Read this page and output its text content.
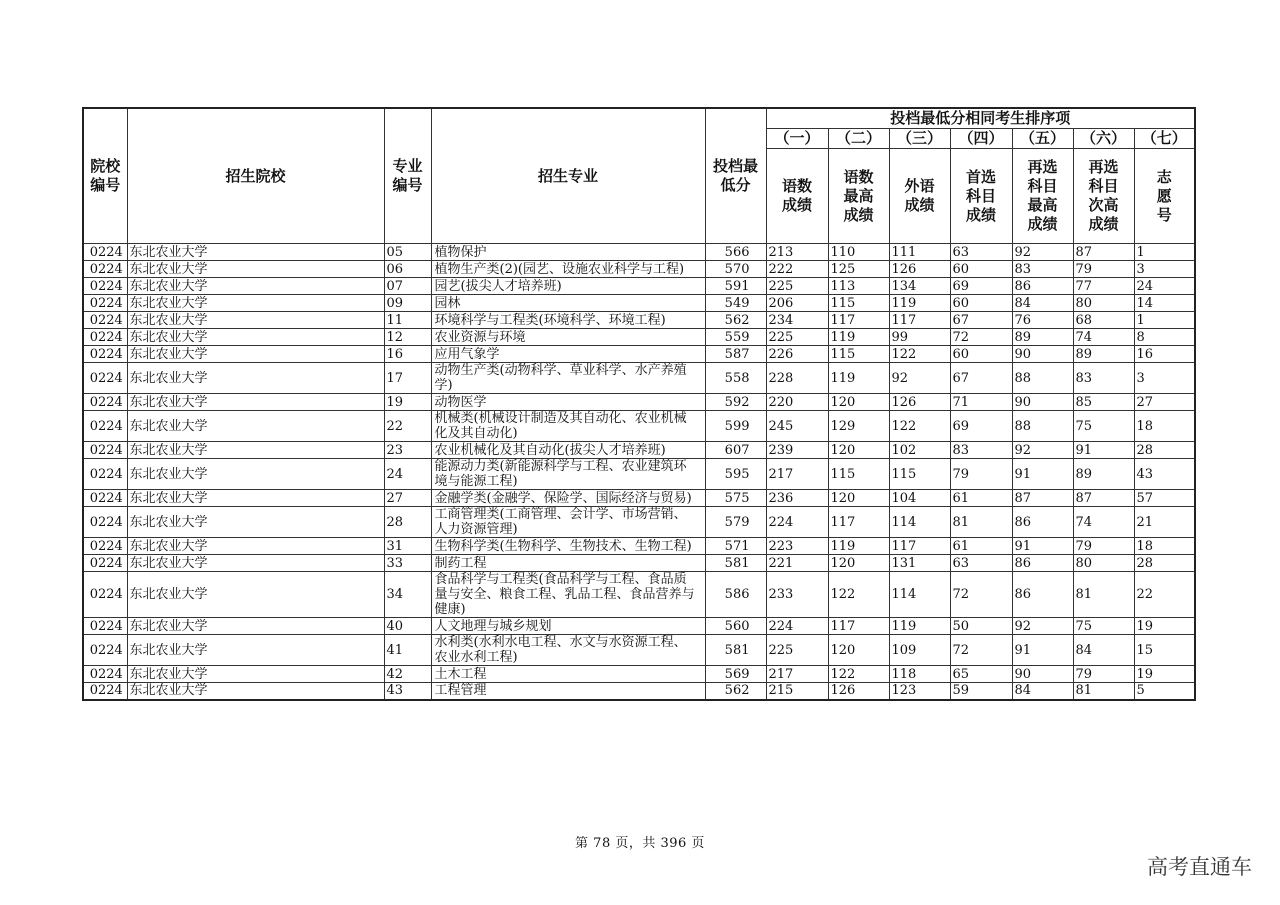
院校编号	招生院校	专业编号	招生专业	投档最低分	投档最低分相同考生排序项						
					（一）	（二）	（三）	（四）	（五）	（六）	（七）
					语数成绩	语数最高成绩	外语成绩	首选科目成绩	再选科目最高成绩	再选科目次高成绩	志愿号
0224	东北农业大学	05	植物保护	566	213	110	111	63	92	87	1
0224	东北农业大学	06	植物生产类(2)(园艺、设施农业科学与工程)	570	222	125	126	60	83	79	3
0224	东北农业大学	07	园艺(拔尖人才培养班)	591	225	113	134	69	86	77	24
0224	东北农业大学	09	园林	549	206	115	119	60	84	80	14
0224	东北农业大学	11	环境科学与工程类(环境科学、环境工程)	562	234	117	117	67	76	68	1
0224	东北农业大学	12	农业资源与环境	559	225	119	99	72	89	74	8
0224	东北农业大学	16	应用气象学	587	226	115	122	60	90	89	16
0224	东北农业大学	17	动物生产类(动物科学、草业科学、水产养殖学)	558	228	119	92	67	88	83	3
0224	东北农业大学	19	动物医学	592	220	120	126	71	90	85	27
0224	东北农业大学	22	机械类(机械设计制造及其自动化、农业机械化及其自动化)	599	245	129	122	69	88	75	18
0224	东北农业大学	23	农业机械化及其自动化(拔尖人才培养班)	607	239	120	102	83	92	91	28
0224	东北农业大学	24	能源动力类(新能源科学与工程、农业建筑环境与能源工程)	595	217	115	115	79	91	89	43
0224	东北农业大学	27	金融学类(金融学、保险学、国际经济与贸易)	575	236	120	104	61	87	87	57
0224	东北农业大学	28	工商管理类(工商管理、会计学、市场营销、人力资源管理)	579	224	117	114	81	86	74	21
0224	东北农业大学	31	生物科学类(生物科学、生物技术、生物工程)	571	223	119	117	61	91	79	18
0224	东北农业大学	33	制药工程	581	221	120	131	63	86	80	28
0224	东北农业大学	34	食品科学与工程类(食品科学与工程、食品质量与安全、粮食工程、乳品工程、食品营养与健康)	586	233	122	114	72	86	81	22
0224	东北农业大学	40	人文地理与城乡规划	560	224	117	119	50	92	75	19
0224	东北农业大学	41	水利类(水利水电工程、水文与水资源工程、农业水利工程)	581	225	120	109	72	91	84	15
0224	东北农业大学	42	土木工程	569	217	122	118	65	90	79	19
0224	东北农业大学	43	工程管理	562	215	126	123	59	84	81	5
第 78 页，共 396 页
高考直通车
